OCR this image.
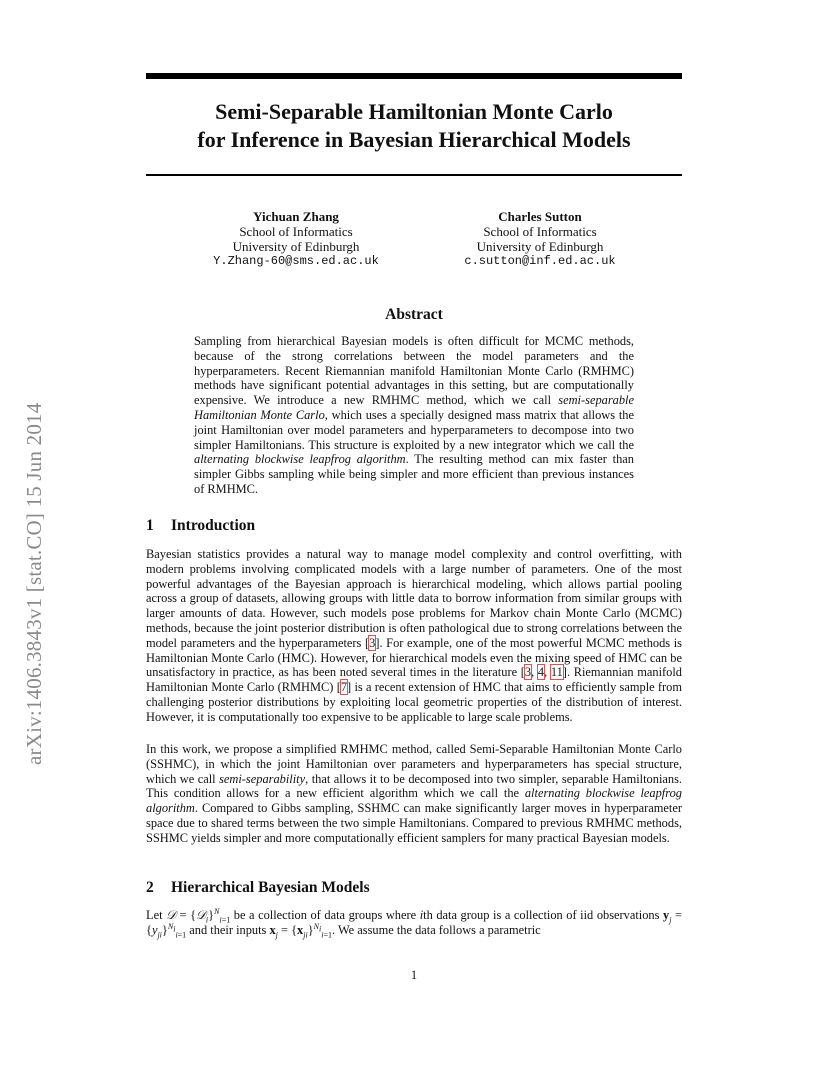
arXiv:1406.3843v1 [stat.CO] 15 Jun 2014
Semi-Separable Hamiltonian Monte Carlo
for Inference in Bayesian Hierarchical Models
Yichuan Zhang
School of Informatics
University of Edinburgh
Y.Zhang-60@sms.ed.ac.uk
Charles Sutton
School of Informatics
University of Edinburgh
c.sutton@inf.ed.ac.uk
Abstract
Sampling from hierarchical Bayesian models is often difficult for MCMC methods, because of the strong correlations between the model parameters and the hyperparameters. Recent Riemannian manifold Hamiltonian Monte Carlo (RMHMC) methods have significant potential advantages in this setting, but are computationally expensive. We introduce a new RMHMC method, which we call semi-separable Hamiltonian Monte Carlo, which uses a specially designed mass matrix that allows the joint Hamiltonian over model parameters and hyperparameters to decompose into two simpler Hamiltonians. This structure is exploited by a new integrator which we call the alternating blockwise leapfrog algorithm. The resulting method can mix faster than simpler Gibbs sampling while being simpler and more efficient than previous instances of RMHMC.
1 Introduction
Bayesian statistics provides a natural way to manage model complexity and control overfitting, with modern problems involving complicated models with a large number of parameters. One of the most powerful advantages of the Bayesian approach is hierarchical modeling, which allows partial pooling across a group of datasets, allowing groups with little data to borrow information from similar groups with larger amounts of data. However, such models pose problems for Markov chain Monte Carlo (MCMC) methods, because the joint posterior distribution is often pathological due to strong correlations between the model parameters and the hyperparameters [3]. For example, one of the most powerful MCMC methods is Hamiltonian Monte Carlo (HMC). However, for hierarchical models even the mixing speed of HMC can be unsatisfactory in practice, as has been noted several times in the literature [3, 4, 11]. Riemannian manifold Hamiltonian Monte Carlo (RMHMC) [7] is a recent extension of HMC that aims to efficiently sample from challenging posterior distributions by exploiting local geometric properties of the distribution of interest. However, it is computationally too expensive to be applicable to large scale problems.
In this work, we propose a simplified RMHMC method, called Semi-Separable Hamiltonian Monte Carlo (SSHMC), in which the joint Hamiltonian over parameters and hyperparameters has special structure, which we call semi-separability, that allows it to be decomposed into two simpler, separable Hamiltonians. This condition allows for a new efficient algorithm which we call the alternating blockwise leapfrog algorithm. Compared to Gibbs sampling, SSHMC can make significantly larger moves in hyperparameter space due to shared terms between the two simple Hamiltonians. Compared to previous RMHMC methods, SSHMC yields simpler and more computationally efficient samplers for many practical Bayesian models.
2 Hierarchical Bayesian Models
Let 𝒟 = {𝒟$_i$}$^N_{i=1}$ be a collection of data groups where ith data group is a collection of iid observations $y_j = \{y_{ji}\}^{N_i}_{i=1}$ and their inputs $x_j = \{x_{ji}\}^{N_i}_{i=1}$. We assume the data follows a parametric
1
